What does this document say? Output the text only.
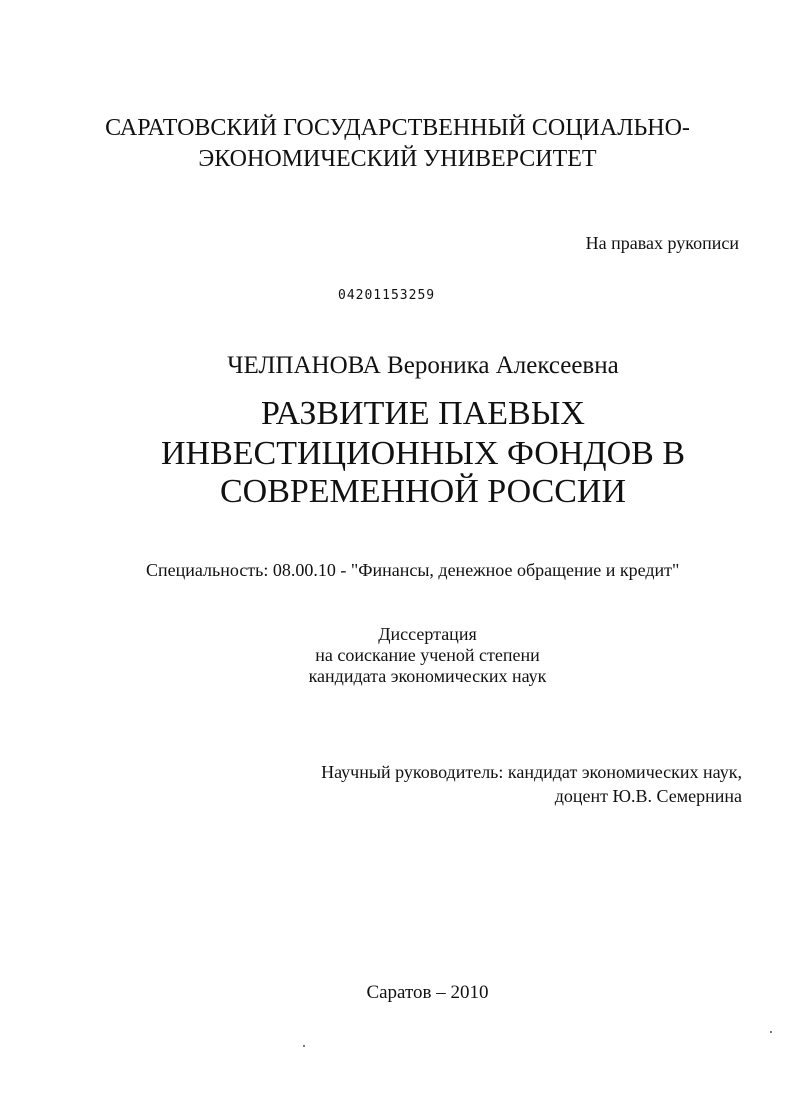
САРАТОВСКИЙ ГОСУДАРСТВЕННЫЙ СОЦИАЛЬНО-
ЭКОНОМИЧЕСКИЙ УНИВЕРСИТЕТ
На правах рукописи
04201153259
ЧЕЛПАНОВА Вероника Алексеевна
РАЗВИТИЕ ПАЕВЫХ
ИНВЕСТИЦИОННЫХ ФОНДОВ В
СОВРЕМЕННОЙ РОССИИ
Специальность: 08.00.10 - "Финансы, денежное обращение и кредит"
Диссертация
на соискание ученой степени
кандидата экономических наук
Научный руководитель: кандидат экономических наук,
доцент Ю.В. Семернина
Саратов – 2010
